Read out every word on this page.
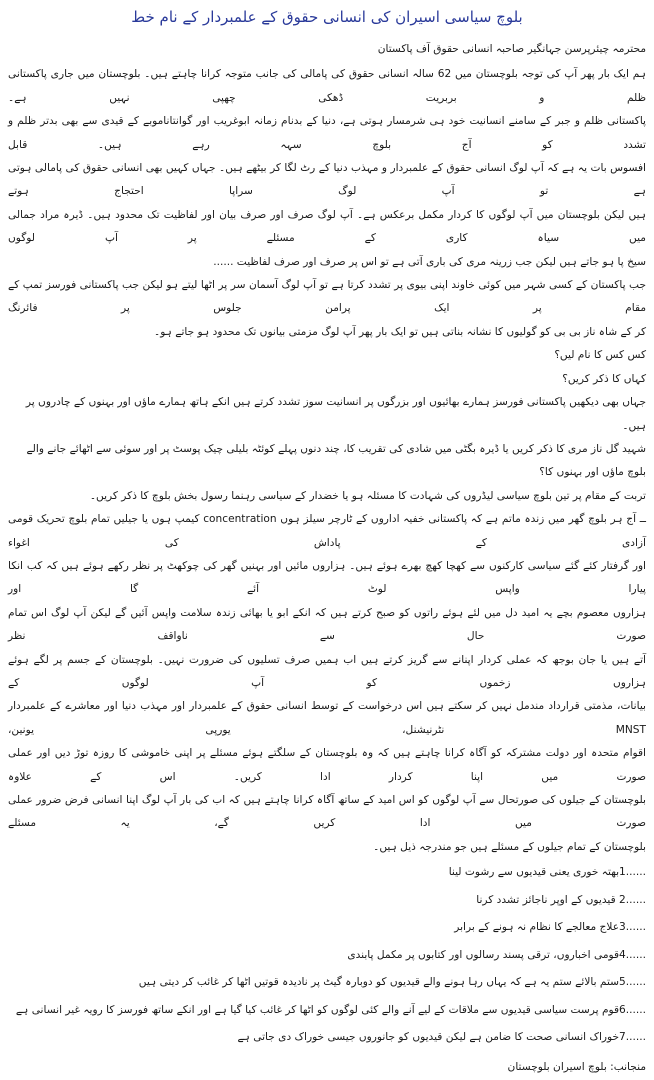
بلوچ سیاسی اسیران کی انسانی حقوق کے علمبردار کے نام خط
محترمہ چیئرپرسن جہانگیر صاحبہ انسانی حقوق آف پاکستان
ہم ایک بار پھر آپ کی توجہ بلوچستان میں 62 سالہ انسانی حقوق کی پامالی کی جانب متوجہ کرانا چاہتے ہیں۔ بلوچستان میں جاری پاکستانی ظلم و بربریت ڈھکی چھپی نہیں ہے۔
پاکستانی ظلم و جبر کے سامنے انسانیت خود ہی شرمسار ہوتی ہے، دنیا کے بدنام زمانہ ابوغریب اور گوانتاناموبے کے قیدی سے بھی بدتر ظلم و تشدد کو آج بلوچ سہہ رہے ہیں۔ قابل
افسوس بات یہ ہے کہ آپ لوگ انسانی حقوق کے علمبردار و مہذب دنیا کے رٹ لگا کر بیٹھے ہیں۔ جہاں کہیں بھی انسانی حقوق کی پامالی ہوتی ہے تو آپ لوگ سراپا احتجاج ہوتے
ہیں لیکن بلوچستان میں آپ لوگوں کا کردار مکمل برعکس ہے۔ آپ لوگ صرف اور صرف بیان اور لفاظیت تک محدود ہیں۔ ڈیرہ مراد جمالی میں سیاہ کاری کے مسئلے پر آپ لوگوں
سیخ پا ہو جاتے ہیں لیکن جب زرینہ مری کی باری آتی ہے تو اس پر صرف اور صرف لفاظیت ......
جب پاکستان کے کسی شہر میں کوئی خاوند اپنی بیوی پر تشدد کرتا ہے تو آپ لوگ آسمان سر پر اٹھا لیتے ہو لیکن جب پاکستانی فورسز تمپ کے مقام پر ایک پرامن جلوس پر فائرنگ
کر کے شاہ ناز بی بی کو گولیوں کا نشانہ بناتی ہیں تو ایک بار پھر آپ لوگ مزمتی بیانوں تک محدود ہو جاتے ہو۔
کس کس کا نام لیں؟
کہاں کا ذکر کریں؟
جہاں بھی دیکھیں پاکستانی فورسز ہمارے بھائیوں اور بزرگوں پر انسانیت سوز تشدد کرتے ہیں انکے ہاتھ ہمارے ماؤں اور بہنوں کے چادروں پر ہیں۔
شہید گل ناز مری کا ذکر کریں یا ڈیرہ بگٹی میں شادی کی تقریب کا، چند دنوں پہلے کوئٹہ بلیلی چیک پوسٹ پر اور سوئی سے اٹھائے جانے والے بلوچ ماؤں اور بہنوں کا؟
تربت کے مقام پر تین بلوچ سیاسی لیڈروں کی شہادت کا مسئلہ ہو یا خضدار کے سیاسی رہنما رسول بخش بلوچ کا ذکر کریں۔
ــ آج ہر بلوچ گھر میں زندہ ماتم ہے کہ پاکستانی خفیہ اداروں کے ٹارچر سیلز ہوں concentration کیمپ ہوں یا جیلیں تمام بلوچ تحریک قومی آزادی کے پاداش کی اغواء
اور گرفتار کئے گئے سیاسی کارکنوں سے کھچا کھچ بھرے ہوئے ہیں۔ ہزاروں مائیں اور بہنیں گھر کی چوکھٹ پر نظر رکھے ہوئے ہیں کہ کب انکا پیارا واپس لوٹ آئے گا اور
ہزاروں معصوم بچے یہ امید دل میں لئے ہوئے راتوں کو صبح کرتے ہیں کہ انکے ابو یا بھائی زندہ سلامت واپس آئیں گے لیکن آپ لوگ اس تمام صورت حال سے ناواقف نظر
آتے ہیں یا جان بوجھ کہ عملی کردار اپنانے سے گریز کرتے ہیں اب ہمیں صرف تسلیوں کی ضرورت نہیں۔ بلوچستان کے جسم پر لگے ہوئے ہزاروں زخموں کو آپ لوگوں کے
بیانات، مذمتی قرارداد مندمل نہیں کر سکتے ہیں اس درخواست کے توسط انسانی حقوق کے علمبردار اور مہذب دنیا اور معاشرے کے علمبردار MNST نٹرنیشنل، یورپی یونین،
اقوام متحدہ اور دولت مشترکہ کو آگاہ کرانا چاہتے ہیں کہ وہ بلوچستان کے سلگتے ہوئے مسئلے پر اپنی خاموشی کا روزہ توڑ دیں اور عملی صورت میں اپنا کردار ادا کریں۔ اس کے علاوہ
بلوچستان کے جیلوں کی صورتحال سے آپ لوگوں کو اس امید کے ساتھ آگاہ کرانا چاہتے ہیں کہ اب کی بار آپ لوگ اپنا انسانی فرض ضرور عملی صورت میں ادا کریں گے، یہ مسئلے
بلوچستان کے تمام جیلوں کے مسئلے ہیں جو مندرجہ ذیل ہیں۔
1......بھتہ خوری یعنی قیدیوں سے رشوت لینا
2...... قیدیوں کے اوپر ناجائز تشدد کرنا
3......علاج معالجے کا نظام نہ ہونے کے برابر
4......قومی اخباروں، ترقی پسند رسالوں اور کتابوں پر مکمل پابندی
5......ستم بالائے ستم یہ ہے کہ یہاں رہا ہونے والے قیدیوں کو دوبارہ گیٹ پر نادیدہ قوتیں اٹھا کر غائب کر دیتی ہیں
6......قوم پرست سیاسی قیدیوں سے ملاقات کے لیے آنے والے کئی لوگوں کو اٹھا کر غائب کیا گیا ہے اور انکے ساتھ فورسز کا رویہ غیر انسانی ہے
7......خوراک انسانی صحت کا ضامن ہے لیکن قیدیوں کو جانوروں جیسی خوراک دی جاتی ہے
منجانب: بلوچ اسیران بلوچستان
